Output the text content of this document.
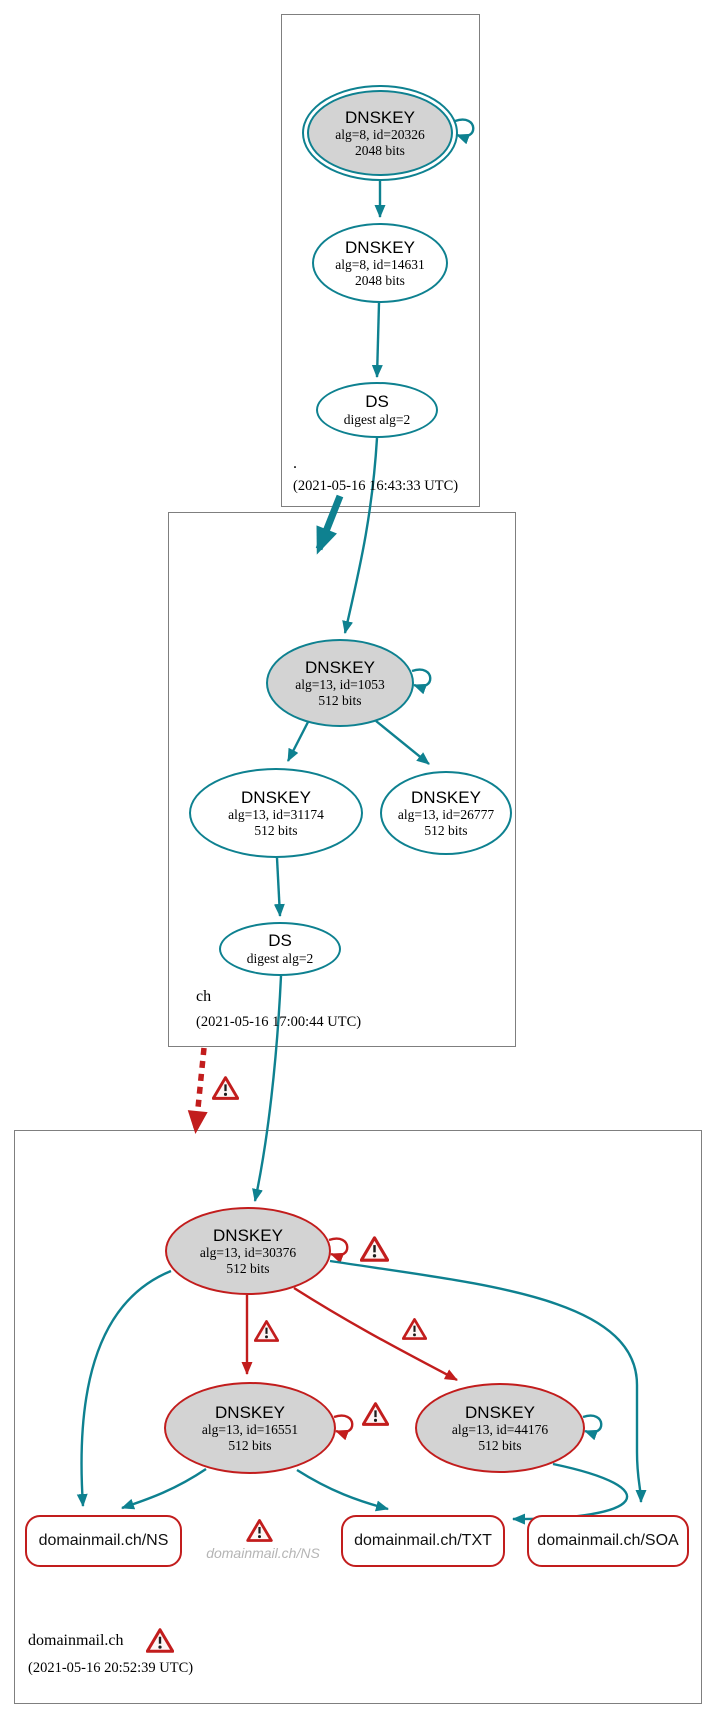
DNSKEY
alg=8, id=20326
2048 bits
DNSKEY
alg=8, id=14631
2048 bits
DS
digest alg=2
.
(2021-05-16 16:43:33 UTC)
DNSKEY
alg=13, id=1053
512 bits
DNSKEY
alg=13, id=31174
512 bits
DNSKEY
alg=13, id=26777
512 bits
DS
digest alg=2
ch
(2021-05-16 17:00:44 UTC)
DNSKEY
alg=13, id=30376
512 bits
DNSKEY
alg=13, id=16551
512 bits
DNSKEY
alg=13, id=44176
512 bits
domainmail.ch/NS
domainmail.ch/NS
domainmail.ch/TXT	domainmail.ch/SOA
domainmail.ch
(2021-05-16 20:52:39 UTC)
